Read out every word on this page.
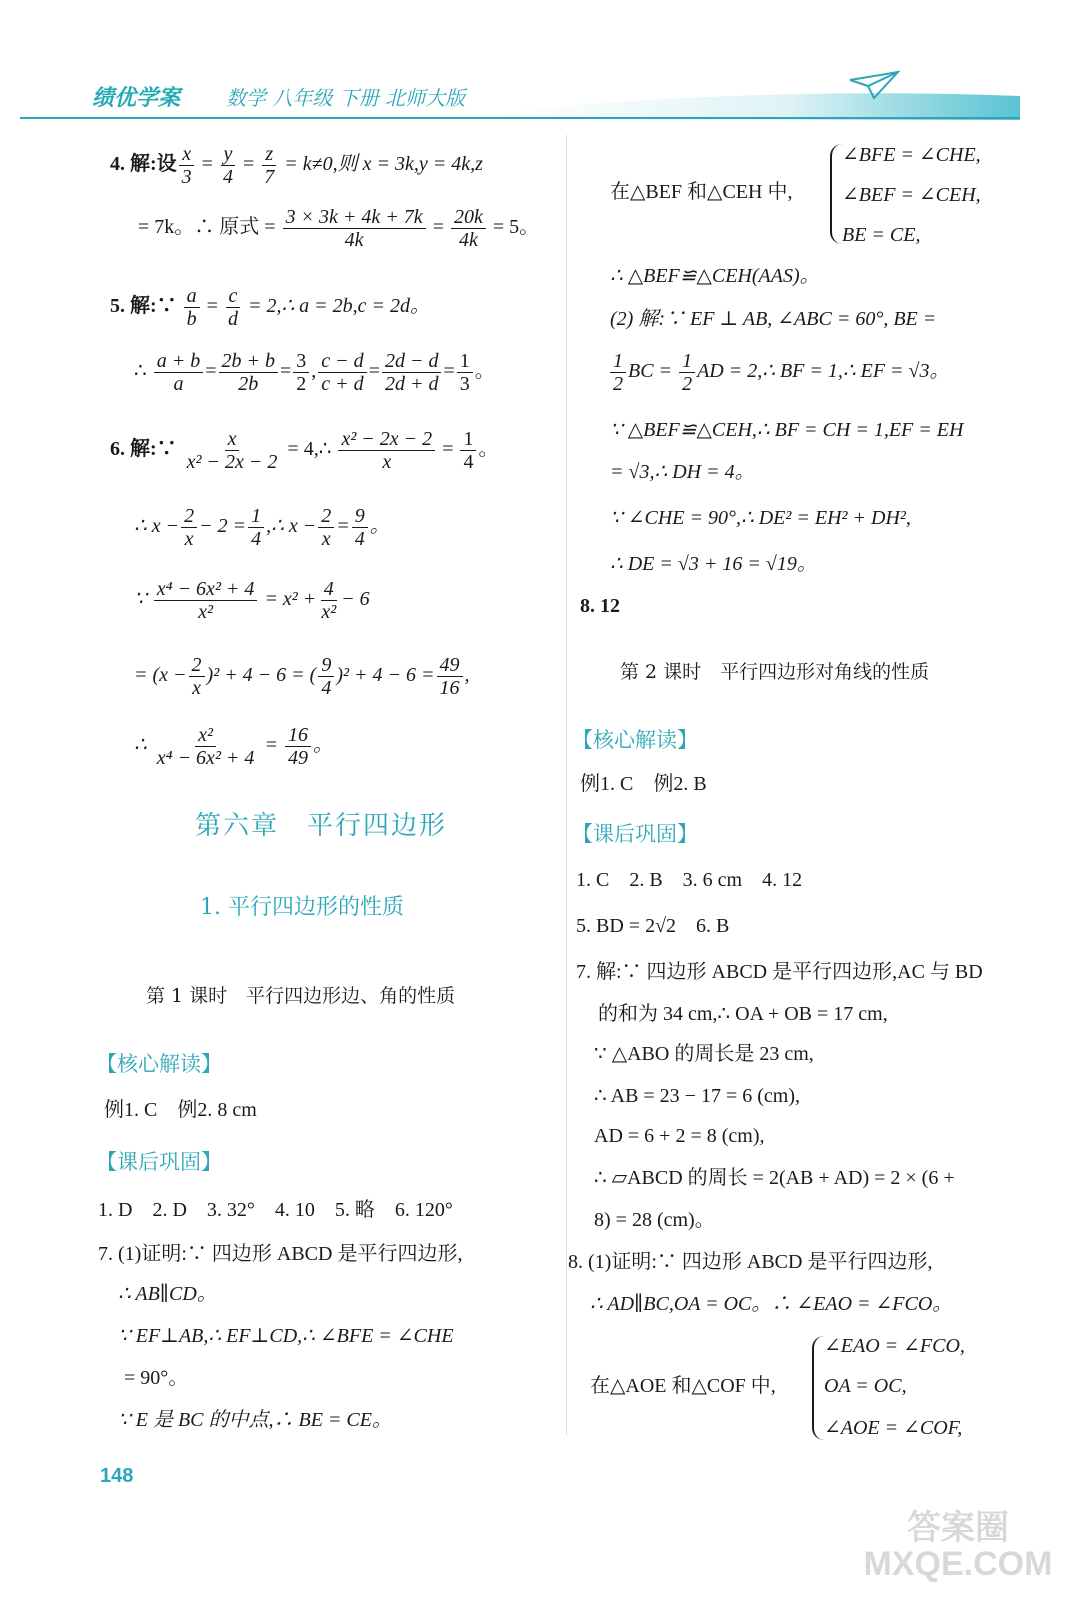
绩优学案 数学 八年级 下册 北师大版
4. 解:设 $\frac{x}{3} = \frac{y}{4} = \frac{z}{7} = k\ne 0$,则 x = 3k,y = 4k,z
= 7k。∴ 原式 = $\frac{3 \times 3k + 4k + 7k}{4k} = \frac{20k}{4k} = 5$。
5. 解:∵ $\frac{a}{b} = \frac{c}{d}$ = 2,∴ a = 2b,c = 2d。
∴ $\frac{a + b}{a} = \frac{2b + b}{2b} = \frac{3}{2}$ , $\frac{c - d}{c + d} = \frac{2d - d}{2d + d} = \frac{1}{3}$ 。
6. 解:∵ $\frac{x}{\text{x² − 2x − 2}}$ = 4,∴ $\frac{\text{x² − 2x − 2}}{x} = \frac{1}{4}$ 。
∴ $x - \frac{2}{x} - 2 = \frac{1}{4}$ ,∴ $x - \frac{2}{x} = \frac{9}{4}$ 。
∵ $\frac{\text{x⁴ − 6x² + 4}}{\text{x²}} = x^2 + \frac{4}{\text{x²}} - 6$
= $(x - \frac{2}{x} )^2 + 4 - 6$ = ( $\frac{9}{4} )^2 + 4 - 6 = \frac{49}{16}$ ,
∴ $\frac{\text{x²}}{\text{x⁴ − 6x² + 4}} = \frac{16}{49}$ 。
第六章　平行四边形
1. 平行四边形的性质
第 1 课时　平行四边形边、角的性质
【核心解读】
例1. C　例2. 8 cm
【课后巩固】
1. D　2. D　3. 32°　4. 10　5. 略　6. 120°
7. (1)证明:∵ 四边形 ABCD 是平行四边形,
∴ AB∥CD。
∵ EF⊥AB,∴ EF⊥CD,∴ ∠BFE = ∠CHE
= 90°。
∵ E 是 BC 的中点,∴ BE = CE。
148
在△BEF 和△CEH 中,
∠BFE = ∠CHE,
∠BEF = ∠CEH,
BE = CE,
∴ △BEF≌△CEH(AAS)。
(2) 解:∵ EF ⊥ AB, ∠ABC = 60°, BE =
$\frac{1}{2}$ BC = $\frac{1}{2}$ AD = 2,∴ BF = 1,∴ EF = √3。
∵ △BEF≌△CEH,∴ BF = CH = 1,EF = EH
= √3,∴ DH = 4。
∵ ∠CHE = 90°,∴ DE² = EH² + DH²,
∴ DE = √3 + 16 = √19。
8. 12
第 2 课时　平行四边形对角线的性质
【核心解读】
例1. C　例2. B
【课后巩固】
1. C　2. B　3. 6 cm　4. 12
5. BD = 2√2　6. B
7. 解:∵ 四边形 ABCD 是平行四边形,AC 与 BD
的和为 34 cm,∴ OA + OB = 17 cm,
∵ △ABO 的周长是 23 cm,
∴ AB = 23 − 17 = 6 (cm),
AD = 6 + 2 = 8 (cm),
∴ ▱ABCD 的周长 = 2(AB + AD) = 2 × (6 +
8) = 28 (cm)。
8. (1)证明:∵ 四边形 ABCD 是平行四边形,
∴ AD∥BC,OA = OC。∴ ∠EAO = ∠FCO。
在△AOE 和△COF 中,
∠EAO = ∠FCO,
OA = OC,
∠AOE = ∠COF,
答案圈 MXQE.COM
